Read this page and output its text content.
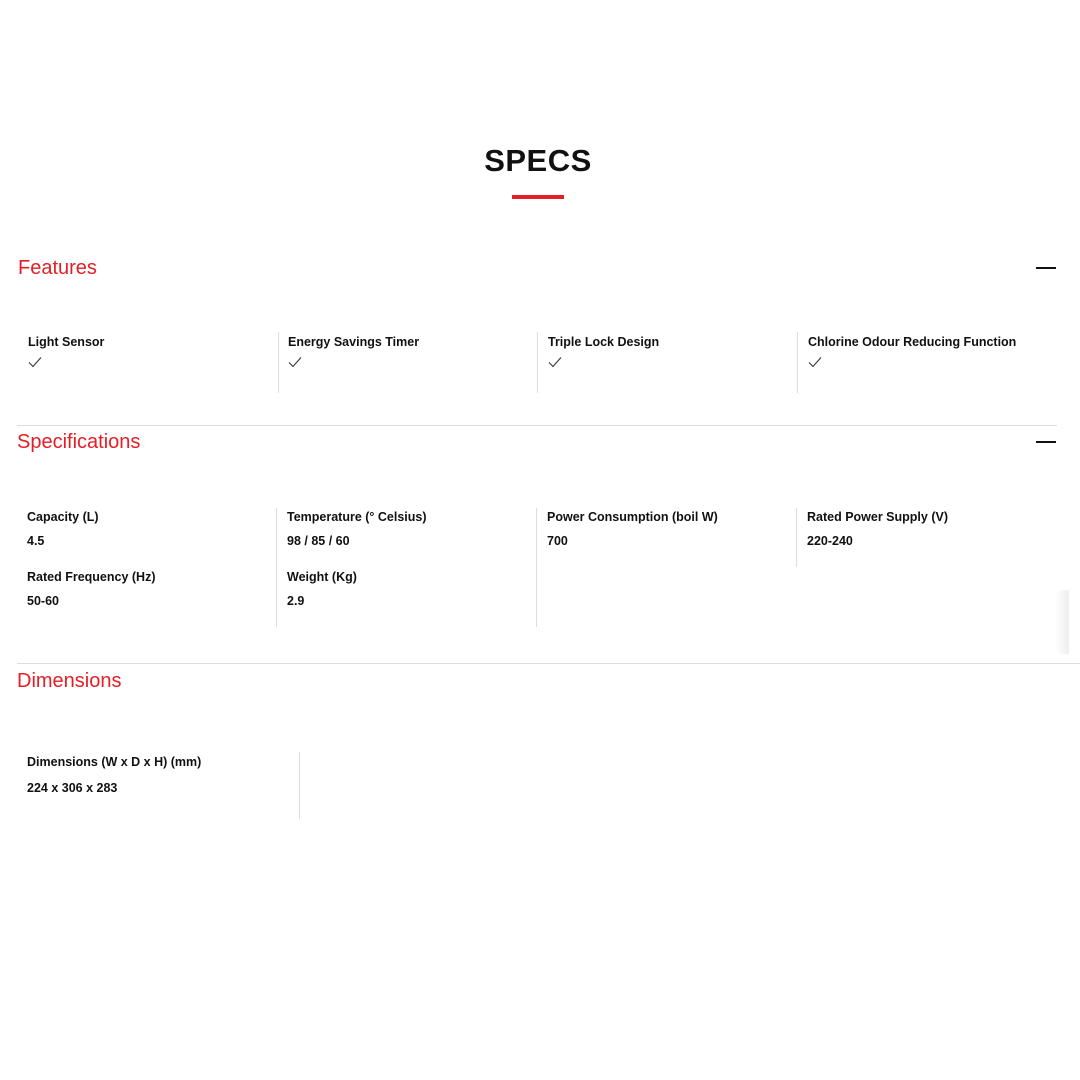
SPECS
Features
Light Sensor	Energy Savings Timer	Triple Lock Design	Chlorine Odour Reducing Function
Specifications
Capacity (L)
4.5
Rated Frequency (Hz)
50-60
Temperature (° Celsius)
98 / 85 / 60
Weight (Kg)
2.9
Power Consumption (boil W)
700
Rated Power Supply (V)
220-240
Dimensions
Dimensions (W x D x H) (mm)
224 x 306 x 283
